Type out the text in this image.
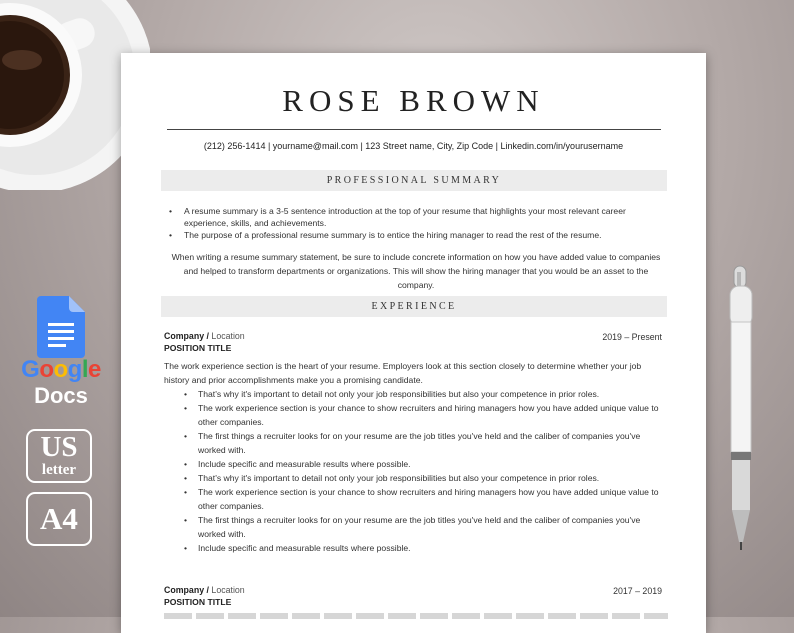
ROSE BROWN
(212) 256-1414 | yourname@mail.com | 123 Street name, City, Zip Code | Linkedin.com/in/yourusername
PROFESSIONAL SUMMARY
• A resume summary is a 3-5 sentence introduction at the top of your resume that highlights your most relevant career experience, skills, and achievements.
• The purpose of a professional resume summary is to entice the hiring manager to read the rest of the resume.
When writing a resume summary statement, be sure to include concrete information on how you have added value to companies and helped to transform departments or organizations. This will show the hiring manager that you would be an asset to the company.
EXPERIENCE
Company / Location	2019 – Present
POSITION TITLE
The work experience section is the heart of your resume. Employers look at this section closely to determine whether your job history and prior accomplishments make you a promising candidate.
• That's why it's important to detail not only your job responsibilities but also your competence in prior roles.
• The work experience section is your chance to show recruiters and hiring managers how you have added unique value to other companies.
• The first things a recruiter looks for on your resume are the job titles you've held and the caliber of companies you've worked with.
• Include specific and measurable results where possible.
• That's why it's important to detail not only your job responsibilities but also your competence in prior roles.
• The work experience section is your chance to show recruiters and hiring managers how you have added unique value to other companies.
• The first things a recruiter looks for on your resume are the job titles you've held and the caliber of companies you've worked with.
• Include specific and measurable results where possible.
Company / Location	2017 – 2019
POSITION TITLE
Google
Docs
US
letter
A4
